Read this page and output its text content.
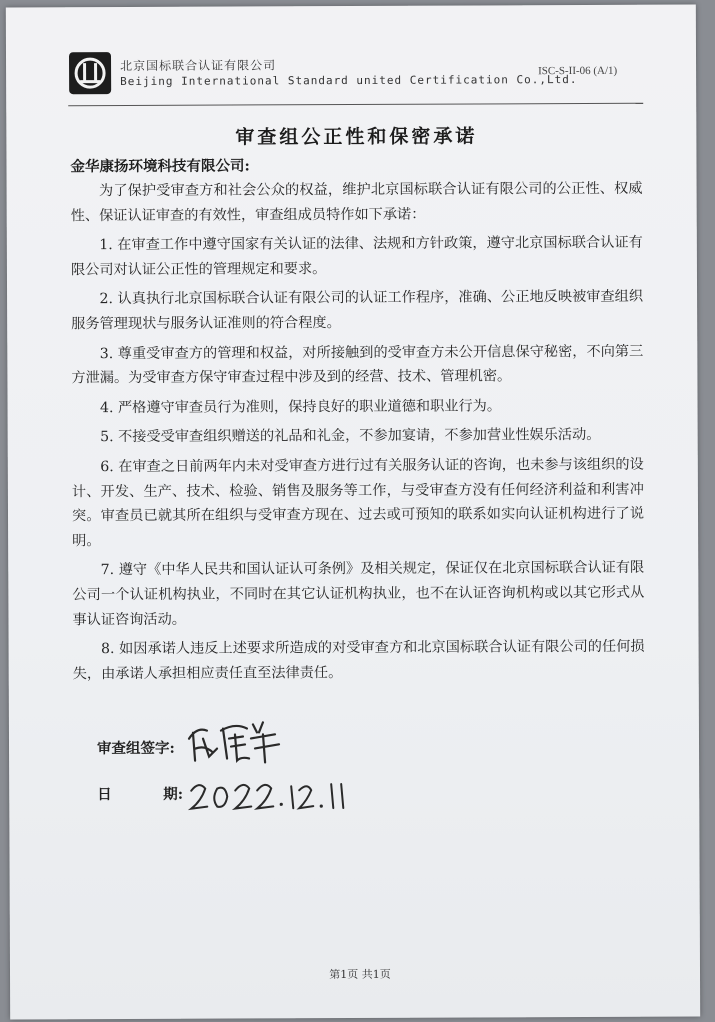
北京国标联合认证有限公司
Beijing International Standard united Certification Co.,Ltd.
ISC-S-II-06 (A/1)
审查组公正性和保密承诺
金华康扬环境科技有限公司:

为了保护受审查方和社会公众的权益，维护北京国标联合认证有限公司的公正性、权威性、保证认证审查的有效性，审查组成员特作如下承诺：

1. 在审查工作中遵守国家有关认证的法律、法规和方针政策，遵守北京国标联合认证有限公司对认证公正性的管理规定和要求。

2. 认真执行北京国标联合认证有限公司的认证工作程序，准确、公正地反映被审查组织服务管理现状与服务认证准则的符合程度。

3. 尊重受审查方的管理和权益，对所接触到的受审查方未公开信息保守秘密，不向第三方泄漏。为受审查方保守审查过程中涉及到的经营、技术、管理机密。

4. 严格遵守审查员行为准则，保持良好的职业道德和职业行为。

5. 不接受受审查组织赠送的礼品和礼金，不参加宴请，不参加营业性娱乐活动。

6. 在审查之日前两年内未对受审查方进行过有关服务认证的咨询，也未参与该组织的设计、开发、生产、技术、检验、销售及服务等工作，与受审查方没有任何经济利益和利害冲突。审查员已就其所在组织与受审查方现在、过去或可预知的联系如实向认证机构进行了说明。

7. 遵守《中华人民共和国认证认可条例》及相关规定，保证仅在北京国标联合认证有限公司一个认证机构执业，不同时在其它认证机构执业，也不在认证咨询机构或以其它形式从事认证咨询活动。

8. 如因承诺人违反上述要求所造成的对受审查方和北京国标联合认证有限公司的任何损失，由承诺人承担相应责任直至法律责任。

审查组签字:
日	期:
第1页 共1页
